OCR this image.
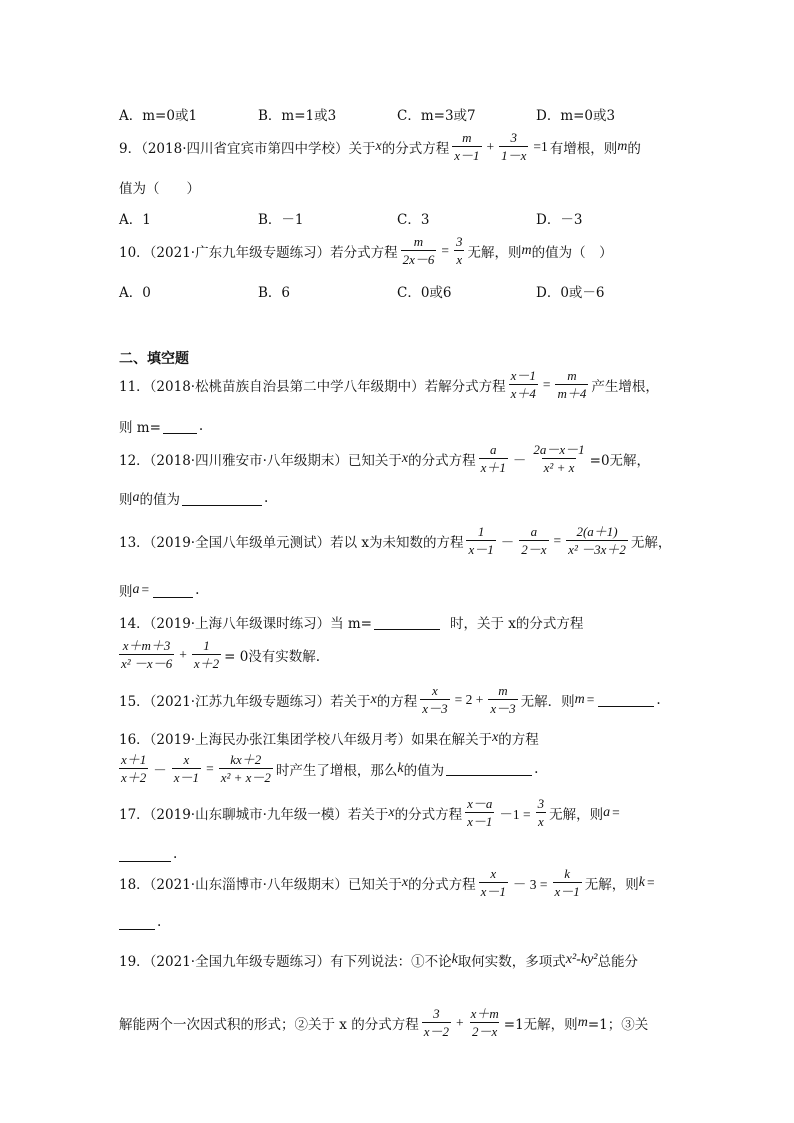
A．m=0或1	B．m=1或3	C．m=3或7	D．m=0或3
9．（2018·四川省宜宾市第四中学校）关于 x 的分式方程 $\frac{m}{x-1} + \frac{3}{1-x} =1$ 有增根，则 m 的
值为（　　）
A．1	B．－1	C．3	D．－3
10．（2021·广东九年级专题练习）若分式方程 $\frac{m}{2x-6} = \frac{3}{x}$ 无解，则 m 的值为（　）
A．0	B．6	C．0或6	D．0或－6
二、填空题
11．（2018·松桃苗族自治县第二中学八年级期中）若解分式方程 $\frac{x-1}{x+4} = \frac{m}{m+4}$ 产生增根，
则 m=	.
12．（2018·四川雅安市·八年级期末）已知关于 x 的分式方程 $\frac{a}{x+1} - \frac{2a-x-1}{\text{x² + x}} =0$无解，
则 a 的值为	.
13．（2019·全国八年级单元测试）若以 x为未知数的方程 $\frac{1}{x-1} - \frac{a}{2-x} = \frac{2(a+1)}{\text{x² －3x＋2}}$ 无解，
则 a =	.
14．（2019·上海八年级课时练习）当 m=	时，关于 x的分式方程
$\frac{x+m+3}{\text{x² －x－6}} + \frac{1}{x+2} = 0$没有实数解.
15．（2021·江苏九年级专题练习）若关于 x 的方程 $\frac{x}{x-3} = 2 + \frac{m}{x-3}$ 无解．则 m =	.
16．（2019·上海民办张江集团学校八年级月考）如果在解关于 x 的方程
$\frac{x+1}{x+2} - \frac{x}{x-1} = \frac{kx+2}{\text{x² + x－2}}$ 时产生了增根，那么 k 的值为	.
17．（2019·山东聊城市·九年级一模）若关于 x 的分式方程 $\frac{x-a}{x-1} -1 = \frac{3}{x}$ 无解，则 a =
.
18．（2021·山东淄博市·八年级期末）已知关于 x 的分式方程 $\frac{x}{x-1} - 3 = \frac{k}{x-1}$ 无解，则 k =
.
19．（2021·全国九年级专题练习）有下列说法：①不论 k 取何实数，多项式 x²-ky² 总能分
解能两个一次因式积的形式；②关于 x 的分式方程 $\frac{3}{x-2} + \frac{x+m}{2-x} =1$无解，则 m =1；③关
